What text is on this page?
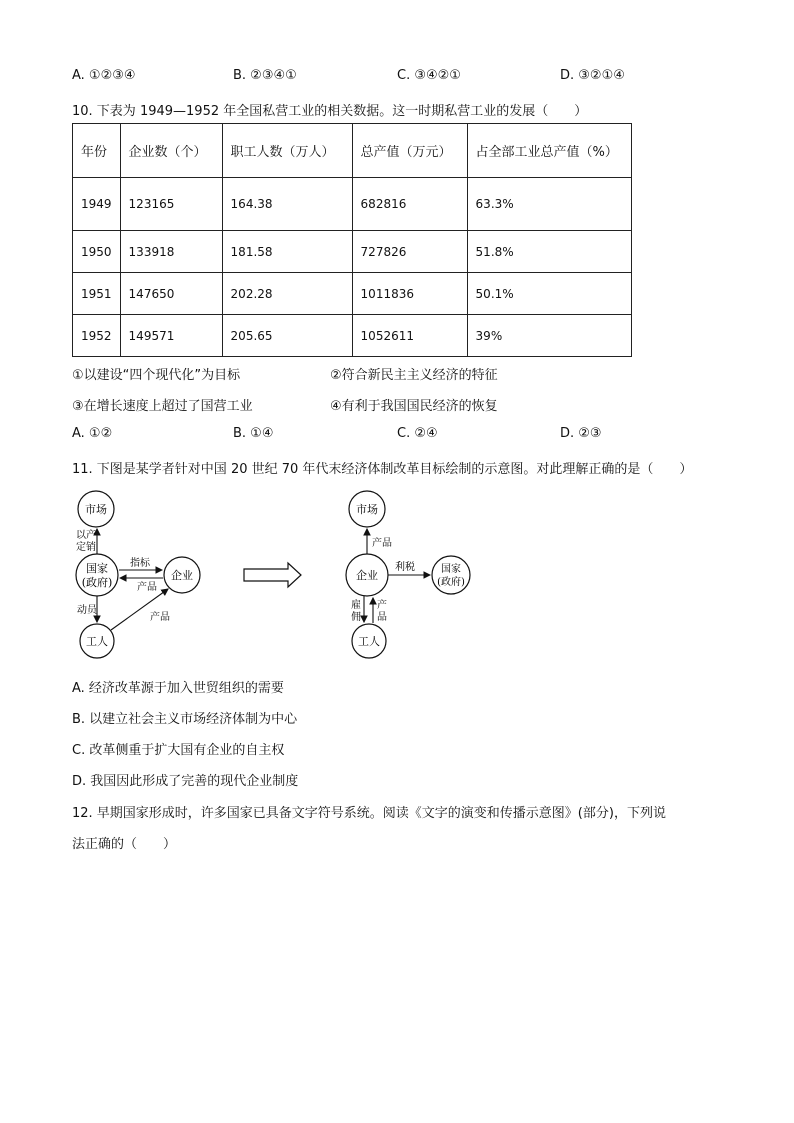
A. ①②③④	B. ②③④①	C. ③④②①	D. ③②①④
10. 下表为 1949—1952 年全国私营工业的相关数据。这一时期私营工业的发展（　　）
年份	企业数（个）	职工人数（万人）	总产值（万元）	占全部工业总产值（%）
1949	123165	164.38	682816	63.3%
1950	133918	181.58	727826	51.8%
1951	147650	202.28	1011836	50.1%
1952	149571	205.65	1052611	39%
①以建设“四个现代化”为目标	②符合新民主主义经济的特征
③在增长速度上超过了国营工业	④有利于我国国民经济的恢复
A. ①②	B. ①④	C. ②④	D. ②③
11. 下图是某学者针对中国 20 世纪 70 年代末经济体制改革目标绘制的示意图。对此理解正确的是（　　）
市场
国家
(政府)
企业
工人
以产
定销
指标
产品
动员
产品
市场
企业	国家
(政府)
工人
产品
利税
雇
佣
产
品
A. 经济改革源于加入世贸组织的需要
B. 以建立社会主义市场经济体制为中心
C. 改革侧重于扩大国有企业的自主权
D. 我国因此形成了完善的现代企业制度
12. 早期国家形成时，许多国家已具备文字符号系统。阅读《文字的演变和传播示意图》(部分)，下列说
法正确的（　　）
